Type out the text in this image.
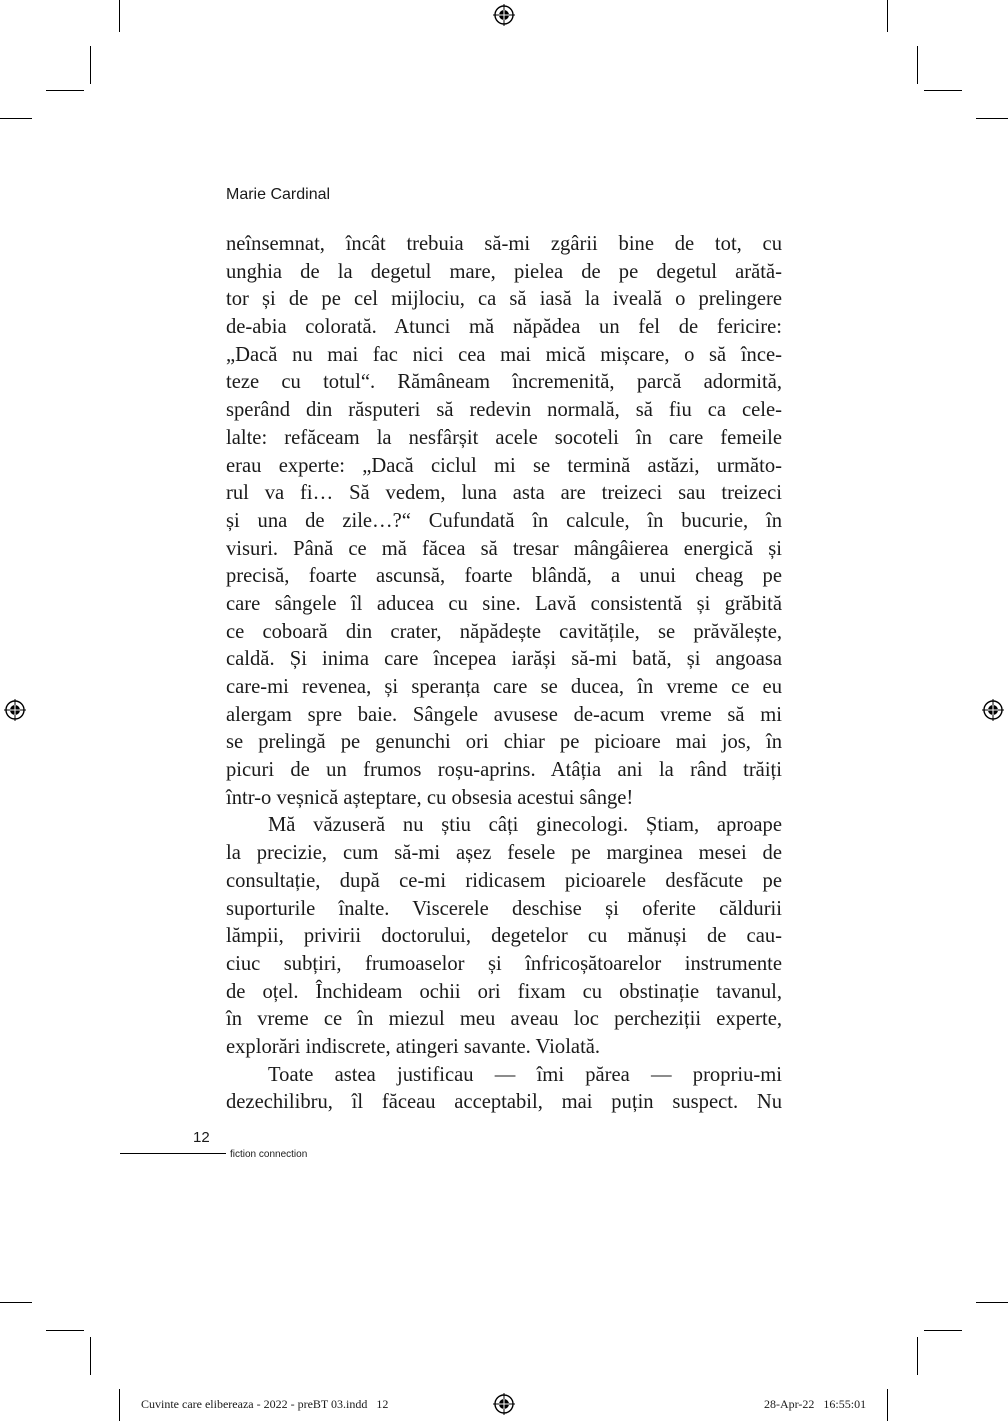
Marie Cardinal
neînsemnat, încât trebuia să-mi zgârii bine de tot, cu
unghia de la degetul mare, pielea de pe degetul arătă-
tor și de pe cel mijlociu, ca să iasă la iveală o prelingere
de-abia colorată. Atunci mă năpădea un fel de fericire:
„Dacă nu mai fac nici cea mai mică mișcare, o să înce-
teze cu totul“. Rămâneam încremenită, parcă adormită,
sperând din răsputeri să redevin normală, să fiu ca cele-
lalte: refăceam la nesfârșit acele socoteli în care femeile
erau experte: „Dacă ciclul mi se termină astăzi, următo-
rul va fi… Să vedem, luna asta are treizeci sau treizeci
și una de zile…?“ Cufundată în calcule, în bucurie, în
visuri. Până ce mă făcea să tresar mângâierea energică și
precisă, foarte ascunsă, foarte blândă, a unui cheag pe
care sângele îl aducea cu sine. Lavă consistentă și grăbită
ce coboară din crater, năpădește cavitățile, se prăvălește,
caldă. Și inima care începea iarăși să-mi bată, și angoasa
care-mi revenea, și speranța care se ducea, în vreme ce eu
alergam spre baie. Sângele avusese de-acum vreme să mi
se prelingă pe genunchi ori chiar pe picioare mai jos, în
picuri de un frumos roșu-aprins. Atâția ani la rând trăiți
într-o veșnică așteptare, cu obsesia acestui sânge!
Mă văzuseră nu știu câți ginecologi. Știam, aproape
la precizie, cum să-mi așez fesele pe marginea mesei de
consultație, după ce-mi ridicasem picioarele desfăcute pe
suporturile înalte. Viscerele deschise și oferite căldurii
lămpii, privirii doctorului, degetelor cu mănuși de cau-
ciuc subțiri, frumoaselor și înfricoșătoarelor instrumente
de oțel. Închideam ochii ori fixam cu obstinație tavanul,
în vreme ce în miezul meu aveau loc percheziții experte,
explorări indiscrete, atingeri savante. Violată.
Toate astea justificau — îmi părea — propriu-mi
dezechilibru, îl făceau acceptabil, mai puțin suspect. Nu
12
fiction connection
Cuvinte care elibereaza - 2022 - preBT 03.indd   12	28-Apr-22   16:55:01
